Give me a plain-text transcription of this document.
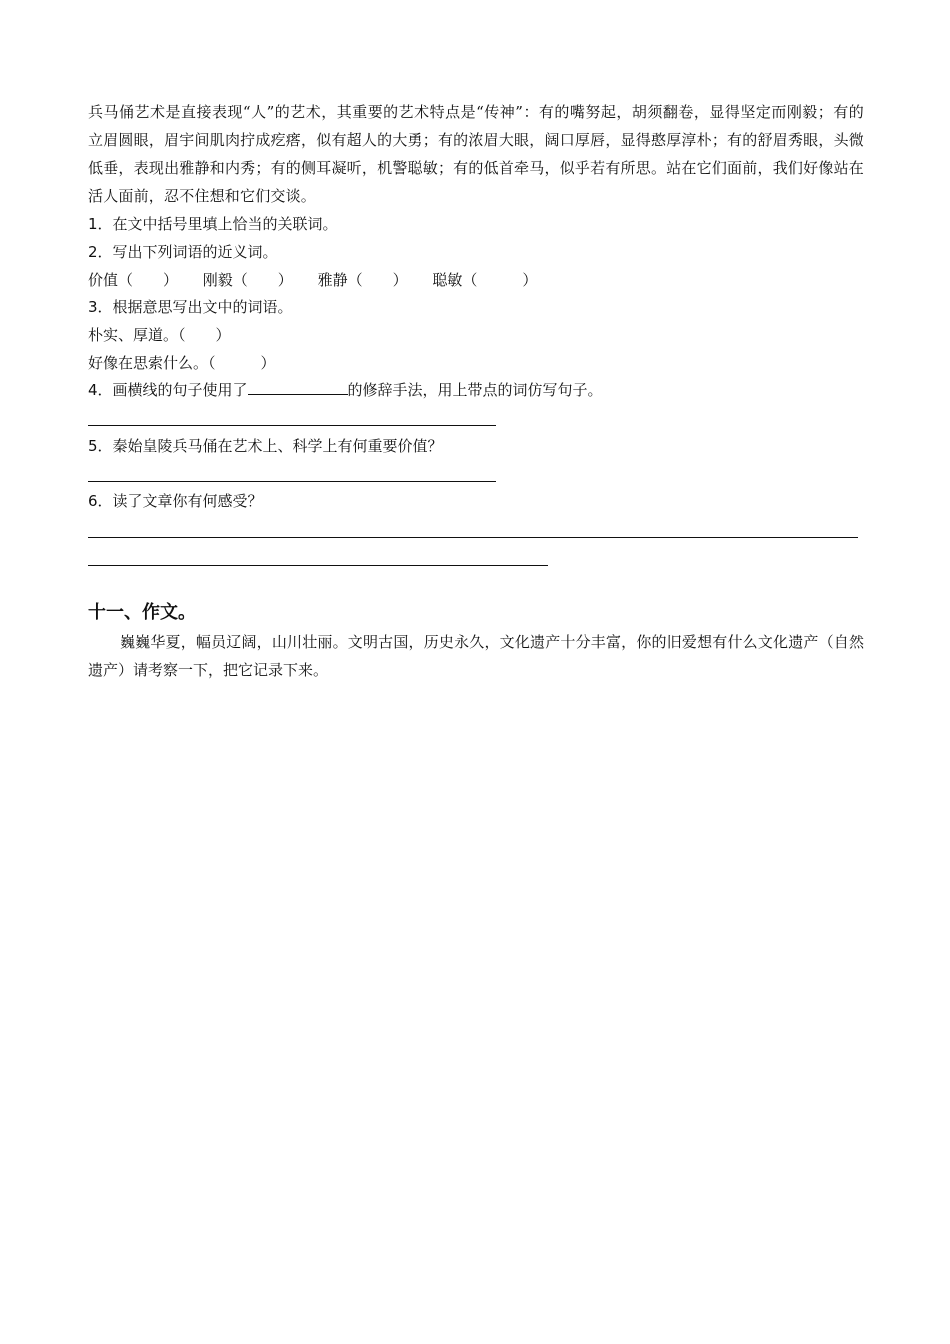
兵马俑艺术是直接表现“人”的艺术，其重要的艺术特点是“传神”：有的嘴努起，胡须翻卷，显得坚定而刚毅；有的立眉圆眼，眉宇间肌肉拧成疙瘩，似有超人的大勇；有的浓眉大眼，阔口厚唇，显得憨厚淳朴；有的舒眉秀眼，头微低垂，表现出雅静和内秀；有的侧耳凝听，机警聪敏；有的低首牵马，似乎若有所思。站在它们面前，我们好像站在活人面前，忍不住想和它们交谈。
1．在文中括号里填上恰当的关联词。
2．写出下列词语的近义词。
价值（　　） 刚毅（　　） 雅静（　　） 聪敏（　　　）
3．根据意思写出文中的词语。
朴实、厚道。（　　）
好像在思索什么。（　　　）
4．画横线的句子使用了	的修辞手法，用上带点的词仿写句子。
5．秦始皇陵兵马俑在艺术上、科学上有何重要价值？
6．读了文章你有何感受？
十一、作文。
巍巍华夏，幅员辽阔，山川壮丽。文明古国，历史永久，文化遗产十分丰富，你的旧爱想有什么文化遗产（自然遗产）请考察一下，把它记录下来。
